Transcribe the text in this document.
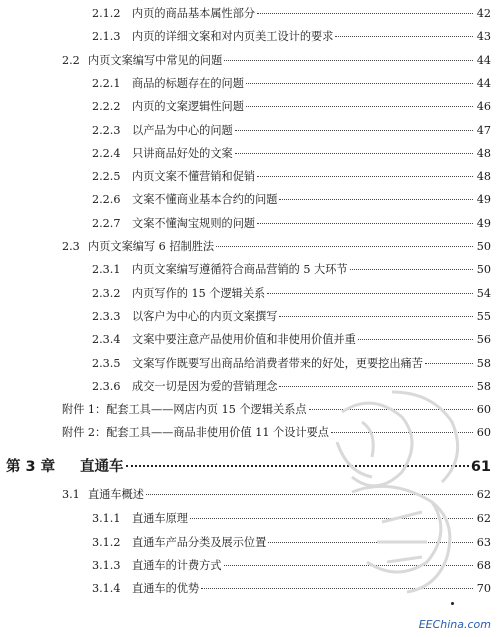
2.1.2	内页的商品基本属性部分	42
2.1.3	内页的详细文案和对内页美工设计的要求	43
2.2 内页文案编写中常见的问题	44
2.2.1	商品的标题存在的问题	44
2.2.2	内页的文案逻辑性问题	46
2.2.3	以产品为中心的问题	47
2.2.4	只讲商品好处的文案	48
2.2.5	内页文案不懂营销和促销	48
2.2.6	文案不懂商业基本合约的问题	49
2.2.7	文案不懂淘宝规则的问题	49
2.3 内页文案编写 6 招制胜法	50
2.3.1	内页文案编写遵循符合商品营销的 5 大环节	50
2.3.2	内页写作的 15 个逻辑关系	54
2.3.3	以客户为中心的内页文案撰写	55
2.3.4	文案中要注意产品使用价值和非使用价值并重	56
2.3.5	文案写作既要写出商品给消费者带来的好处，更要挖出痛苦	58
2.3.6	成交一切是因为爱的营销理念	58
附件 1：配套工具——网店内页 15 个逻辑关系点	60
附件 2：配套工具——商品非使用价值 11 个设计要点	60
第 3 章	直通车	61
3.1 直通车概述	62
3.1.1	直通车原理	62
3.1.2	直通车产品分类及展示位置	63
3.1.3	直通车的计费方式	68
3.1.4	直通车的优势	70
EEChina.com
